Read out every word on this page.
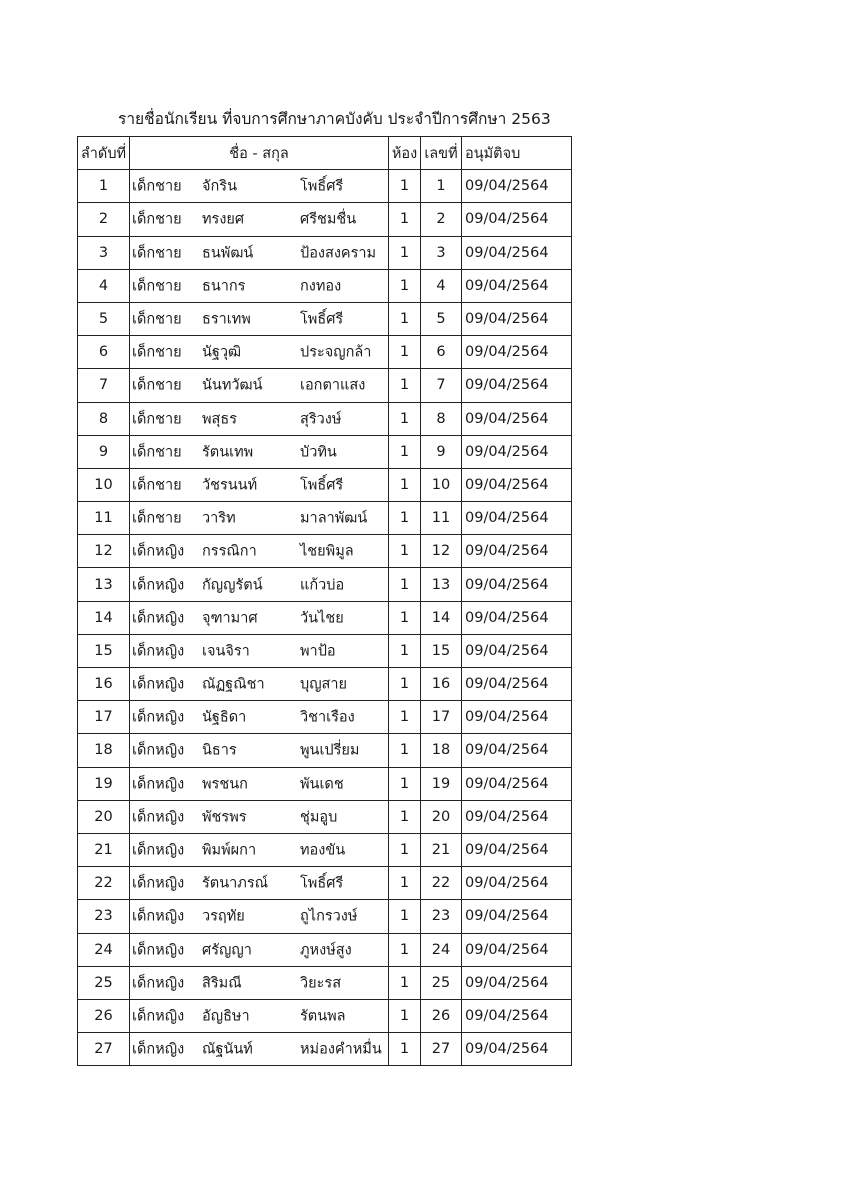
รายชื่อนักเรียน ที่จบการศึกษาภาคบังคับ ประจำปีการศึกษา 2563
ลำดับที่	ชื่อ - สกุล	ห้อง	เลขที่	อนุมัติจบ
1	เด็กชาย จักริน โพธิ์ศรี	1	1	09/04/2564
2	เด็กชาย ทรงยศ ศรีชมชื่น	1	2	09/04/2564
3	เด็กชาย ธนพัฒน์ ป้องสงคราม	1	3	09/04/2564
4	เด็กชาย ธนากร กงทอง	1	4	09/04/2564
5	เด็กชาย ธราเทพ โพธิ์ศรี	1	5	09/04/2564
6	เด็กชาย นัฐวุฒิ ประจญกล้า	1	6	09/04/2564
7	เด็กชาย นันทวัฒน์ เอกตาแสง	1	7	09/04/2564
8	เด็กชาย พสุธร สุริวงษ์	1	8	09/04/2564
9	เด็กชาย รัตนเทพ บัวทิน	1	9	09/04/2564
10	เด็กชาย วัชรนนท์ โพธิ์ศรี	1	10	09/04/2564
11	เด็กชาย วาริท มาลาพัฒน์	1	11	09/04/2564
12	เด็กหญิง กรรณิกา ไชยพิมูล	1	12	09/04/2564
13	เด็กหญิง กัญญรัตน์ แก้วบ่อ	1	13	09/04/2564
14	เด็กหญิง จุฑามาศ วันไชย	1	14	09/04/2564
15	เด็กหญิง เจนจิรา พาป้อ	1	15	09/04/2564
16	เด็กหญิง ณัฏฐณิชา บุญสาย	1	16	09/04/2564
17	เด็กหญิง นัฐธิดา วิชาเรือง	1	17	09/04/2564
18	เด็กหญิง นิธาร พูนเปรี่ยม	1	18	09/04/2564
19	เด็กหญิง พรชนก พันเดช	1	19	09/04/2564
20	เด็กหญิง พัชรพร ชุ่มอูบ	1	20	09/04/2564
21	เด็กหญิง พิมพ์ผกา ทองขัน	1	21	09/04/2564
22	เด็กหญิง รัตนาภรณ์ โพธิ์ศรี	1	22	09/04/2564
23	เด็กหญิง วรฤทัย ถูไกรวงษ์	1	23	09/04/2564
24	เด็กหญิง ศรัญญา ภูหงษ์สูง	1	24	09/04/2564
25	เด็กหญิง สิริมณี วิยะรส	1	25	09/04/2564
26	เด็กหญิง อัญธิษา รัตนพล	1	26	09/04/2564
27	เด็กหญิง ณัฐนันท์ หม่องคำหมื่น	1	27	09/04/2564
